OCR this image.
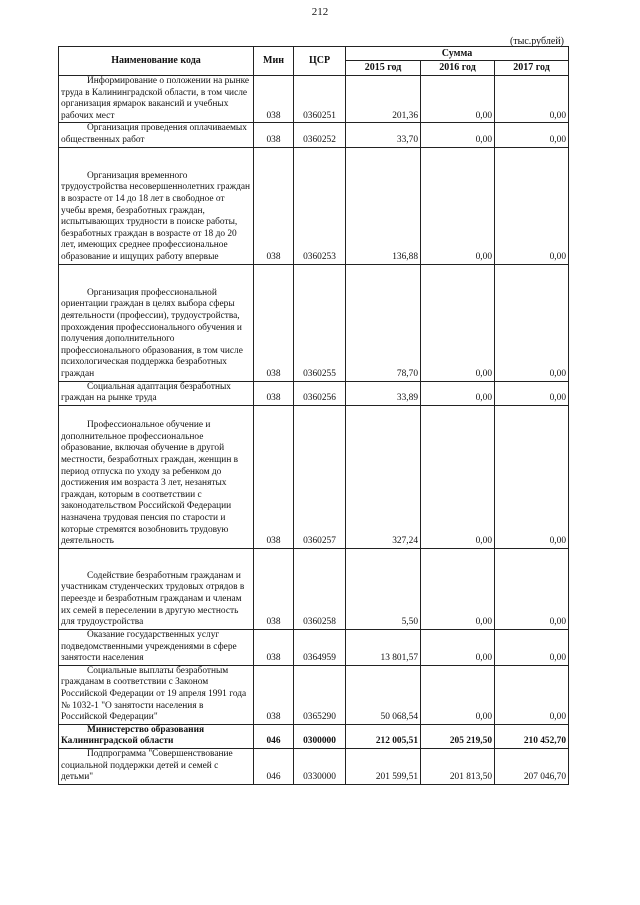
212
(тыс.рублей)
Наименование кода	Мин	ЦСР	Сумма		
			2015 год	2016 год	2017 год

Информирование о положении на рынке труда в Калининградской области, в том числе организация ярмарок вакансий и учебных рабочих мест	038	0360251	201,36	0,00	0,00

Организация проведения оплачиваемых общественных работ	038	0360252	33,70	0,00	0,00

Организация временного трудоустройства несовершеннолетних граждан в возрасте от 14 до 18 лет в свободное от учебы время, безработных граждан, испытывающих трудности в поиске работы, безработных граждан в возрасте от 18 до 20 лет, имеющих среднее профессиональное образование и ищущих работу впервые	038	0360253	136,88	0,00	0,00

Организация профессиональной ориентации граждан в целях выбора сферы деятельности (профессии), трудоустройства, прохождения профессионального обучения и получения дополнительного профессионального образования, в том числе психологическая поддержка безработных граждан	038	0360255	78,70	0,00	0,00

Социальная адаптация безработных граждан на рынке труда	038	0360256	33,89	0,00	0,00

Профессиональное обучение и дополнительное профессиональное образование, включая обучение в другой местности, безработных граждан, женщин в период отпуска по уходу за ребенком до достижения им возраста 3 лет, незанятых граждан, которым в соответствии с законодательством Российской Федерации назначена трудовая пенсия по старости и которые стремятся возобновить трудовую деятельность	038	0360257	327,24	0,00	0,00

Содействие безработным гражданам и участникам студенческих трудовых отрядов в переезде и безработным гражданам и членам их семей в переселении в другую местность для трудоустройства	038	0360258	5,50	0,00	0,00

Оказание государственных услуг подведомственными учреждениями в сфере занятости населения	038	0364959	13 801,57	0,00	0,00

Социальные выплаты безработным гражданам в соответствии с Законом Российской Федерации от 19 апреля 1991 года № 1032-1 "О занятости населения в Российской Федерации"	038	0365290	50 068,54	0,00	0,00

Министерство образования Калининградской области	046	0300000	212 005,51	205 219,50	210 452,70

Подпрограмма "Совершенствование социальной поддержки детей и семей с детьми"	046	0330000	201 599,51	201 813,50	207 046,70
